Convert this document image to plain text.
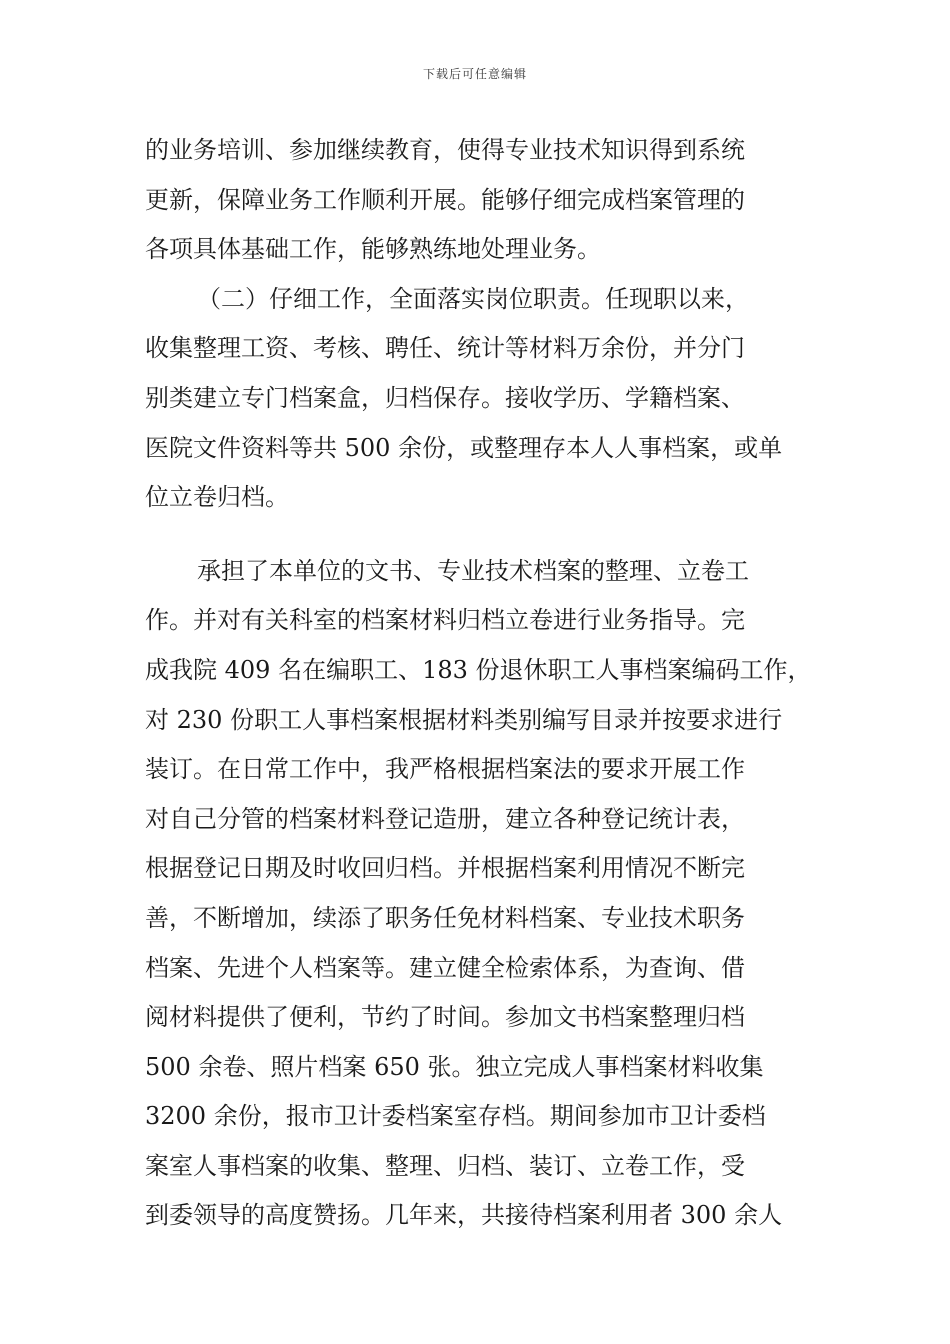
下载后可任意编辑
的业务培训、参加继续教育，使得专业技术知识得到系统
更新，保障业务工作顺利开展。能够仔细完成档案管理的
各项具体基础工作，能够熟练地处理业务。
（二）仔细工作，全面落实岗位职责。任现职以来，
收集整理工资、考核、聘任、统计等材料万余份，并分门
别类建立专门档案盒，归档保存。接收学历、学籍档案、
医院文件资料等共 500 余份，或整理存本人人事档案，或单
位立卷归档。
承担了本单位的文书、专业技术档案的整理、立卷工
作。并对有关科室的档案材料归档立卷进行业务指导。完
成我院 409 名在编职工、183 份退休职工人事档案编码工作，
对 230 份职工人事档案根据材料类别编写目录并按要求进行
装订。在日常工作中，我严格根据档案法的要求开展工作
对自己分管的档案材料登记造册，建立各种登记统计表，
根据登记日期及时收回归档。并根据档案利用情况不断完
善，不断增加，续添了职务任免材料档案、专业技术职务
档案、先进个人档案等。建立健全检索体系，为查询、借
阅材料提供了便利，节约了时间。参加文书档案整理归档
500 余卷、照片档案 650 张。独立完成人事档案材料收集
3200 余份，报市卫计委档案室存档。期间参加市卫计委档
案室人事档案的收集、整理、归档、装订、立卷工作，受
到委领导的高度赞扬。几年来，共接待档案利用者 300 余人
